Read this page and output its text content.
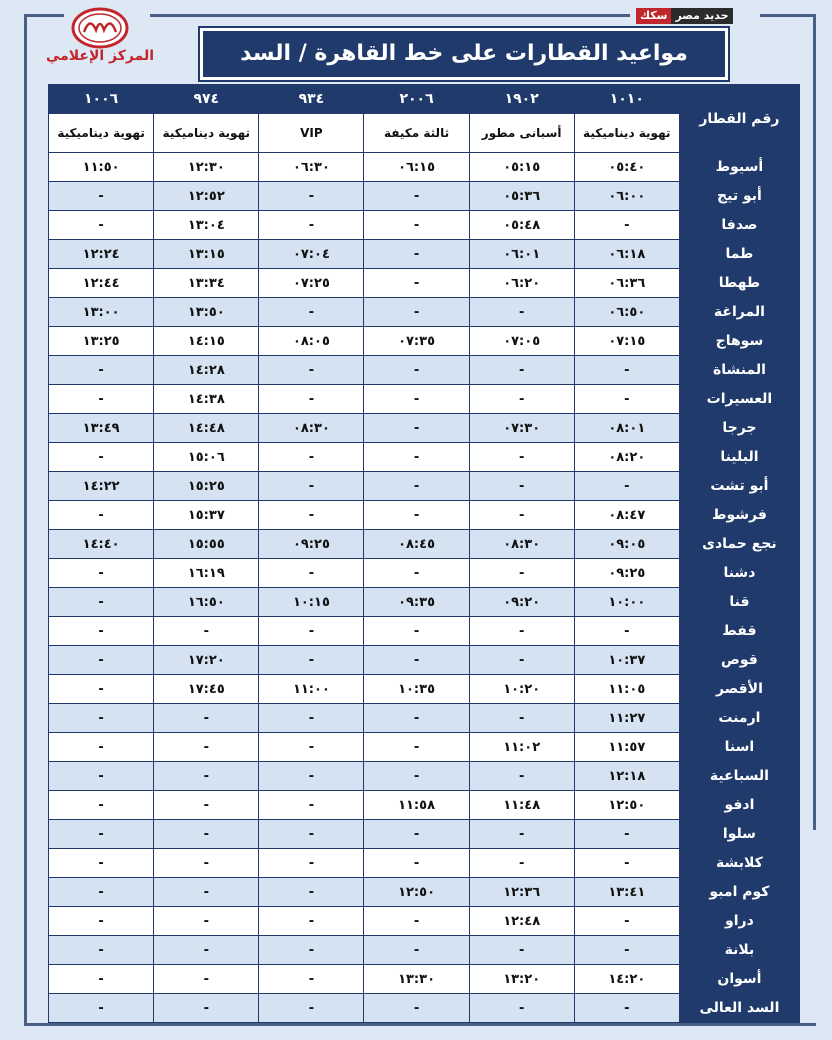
المركز الإعلامي
سكك حديد مصر
مواعيد القطارات على خط القاهرة / السد
رقم القطار	١٠١٠	١٩٠٢	٢٠٠٦	٩٣٤	٩٧٤	١٠٠٦
	تهوية ديناميكية	أسبانى مطور	ثالثة مكيفة	VIP	تهوية ديناميكية	تهوية ديناميكية
أسيوط	٠٥:٤٠	٠٥:١٥	٠٦:١٥	٠٦:٣٠	١٢:٣٠	١١:٥٠
أبو تيج	٠٦:٠٠	٠٥:٣٦	-	-	١٢:٥٢	-
صدفا	-	٠٥:٤٨	-	-	١٣:٠٤	-
طما	٠٦:١٨	٠٦:٠١	-	٠٧:٠٤	١٣:١٥	١٢:٢٤
طهطا	٠٦:٣٦	٠٦:٢٠	-	٠٧:٢٥	١٣:٣٤	١٢:٤٤
المراغة	٠٦:٥٠	-	-	-	١٣:٥٠	١٣:٠٠
سوهاج	٠٧:١٥	٠٧:٠٥	٠٧:٣٥	٠٨:٠٥	١٤:١٥	١٣:٢٥
المنشاة	-	-	-	-	١٤:٢٨	-
العسيرات	-	-	-	-	١٤:٣٨	-
جرجا	٠٨:٠١	٠٧:٣٠	-	٠٨:٣٠	١٤:٤٨	١٣:٤٩
البلينا	٠٨:٢٠	-	-	-	١٥:٠٦	-
أبو تشت	-	-	-	-	١٥:٢٥	١٤:٢٢
فرشوط	٠٨:٤٧	-	-	-	١٥:٣٧	-
نجع حمادى	٠٩:٠٥	٠٨:٣٠	٠٨:٤٥	٠٩:٢٥	١٥:٥٥	١٤:٤٠
دشنا	٠٩:٢٥	-	-	-	١٦:١٩	-
قنا	١٠:٠٠	٠٩:٢٠	٠٩:٣٥	١٠:١٥	١٦:٥٠	-
قفط	-	-	-	-	-	-
قوص	١٠:٣٧	-	-	-	١٧:٢٠	-
الأقصر	١١:٠٥	١٠:٢٠	١٠:٣٥	١١:٠٠	١٧:٤٥	-
ارمنت	١١:٢٧	-	-	-	-	-
اسنا	١١:٥٧	١١:٠٢	-	-	-	-
السباعية	١٢:١٨	-	-	-	-	-
ادفو	١٢:٥٠	١١:٤٨	١١:٥٨	-	-	-
سلوا	-	-	-	-	-	-
كلابشة	-	-	-	-	-	-
كوم امبو	١٣:٤١	١٢:٣٦	١٢:٥٠	-	-	-
دراو	-	١٢:٤٨	-	-	-	-
بلانة	-	-	-	-	-	-
أسوان	١٤:٢٠	١٣:٢٠	١٣:٣٠	-	-	-
السد العالى	-	-	-	-	-	-
